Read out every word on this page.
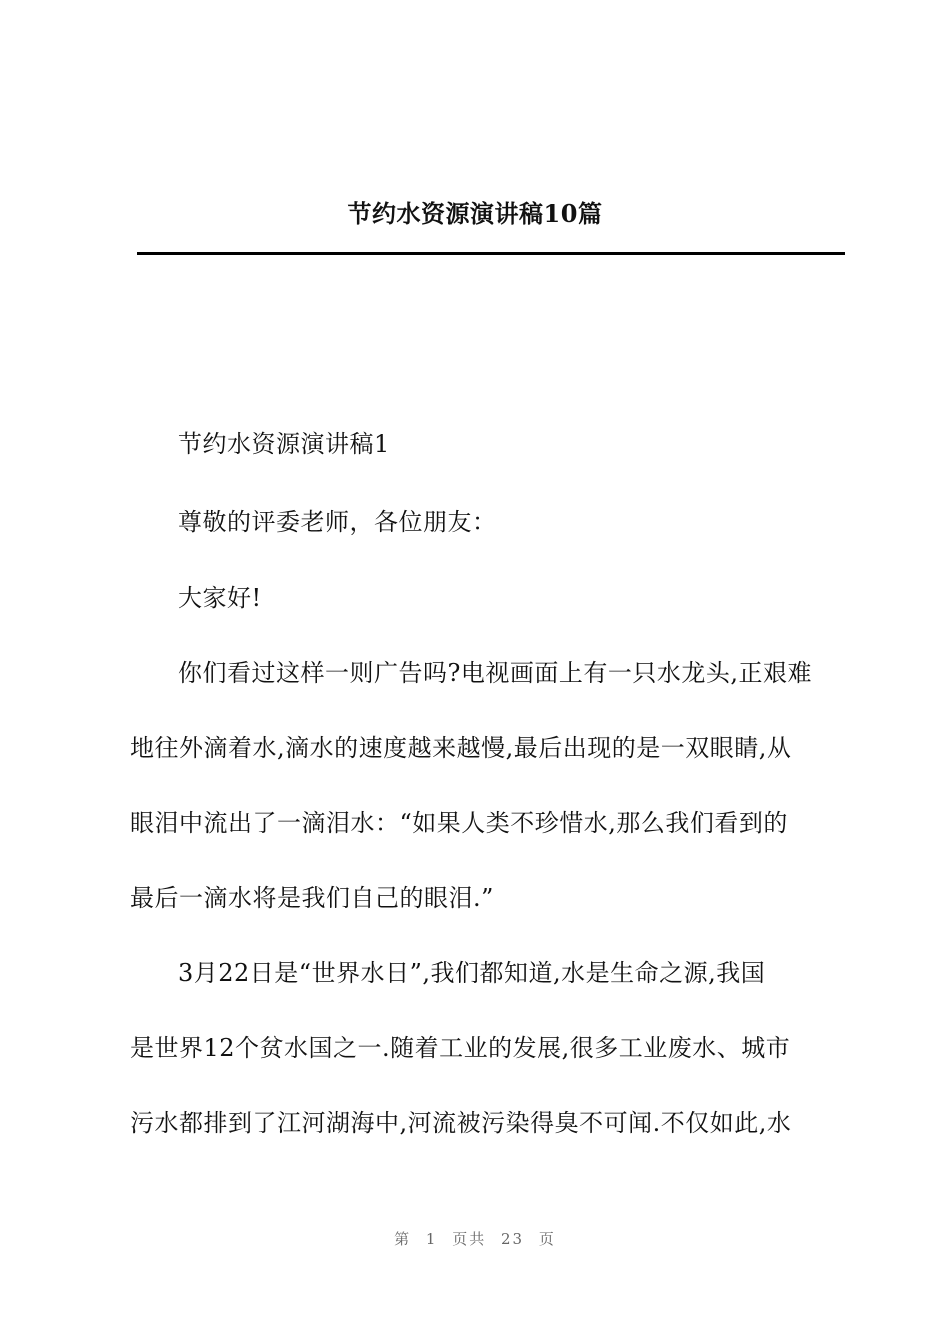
节约水资源演讲稿10篇
节约水资源演讲稿1
尊敬的评委老师，各位朋友：
大家好!
你们看过这样一则广告吗?电视画面上有一只水龙头,正艰难
地往外滴着水,滴水的速度越来越慢,最后出现的是一双眼睛,从
眼泪中流出了一滴泪水：“如果人类不珍惜水,那么我们看到的
最后一滴水将是我们自己的眼泪.”
3月22日是“世界水日”,我们都知道,水是生命之源,我国
是世界12个贫水国之一.随着工业的发展,很多工业废水、城市
污水都排到了江河湖海中,河流被污染得臭不可闻.不仅如此,水
第 1 页共 23 页
